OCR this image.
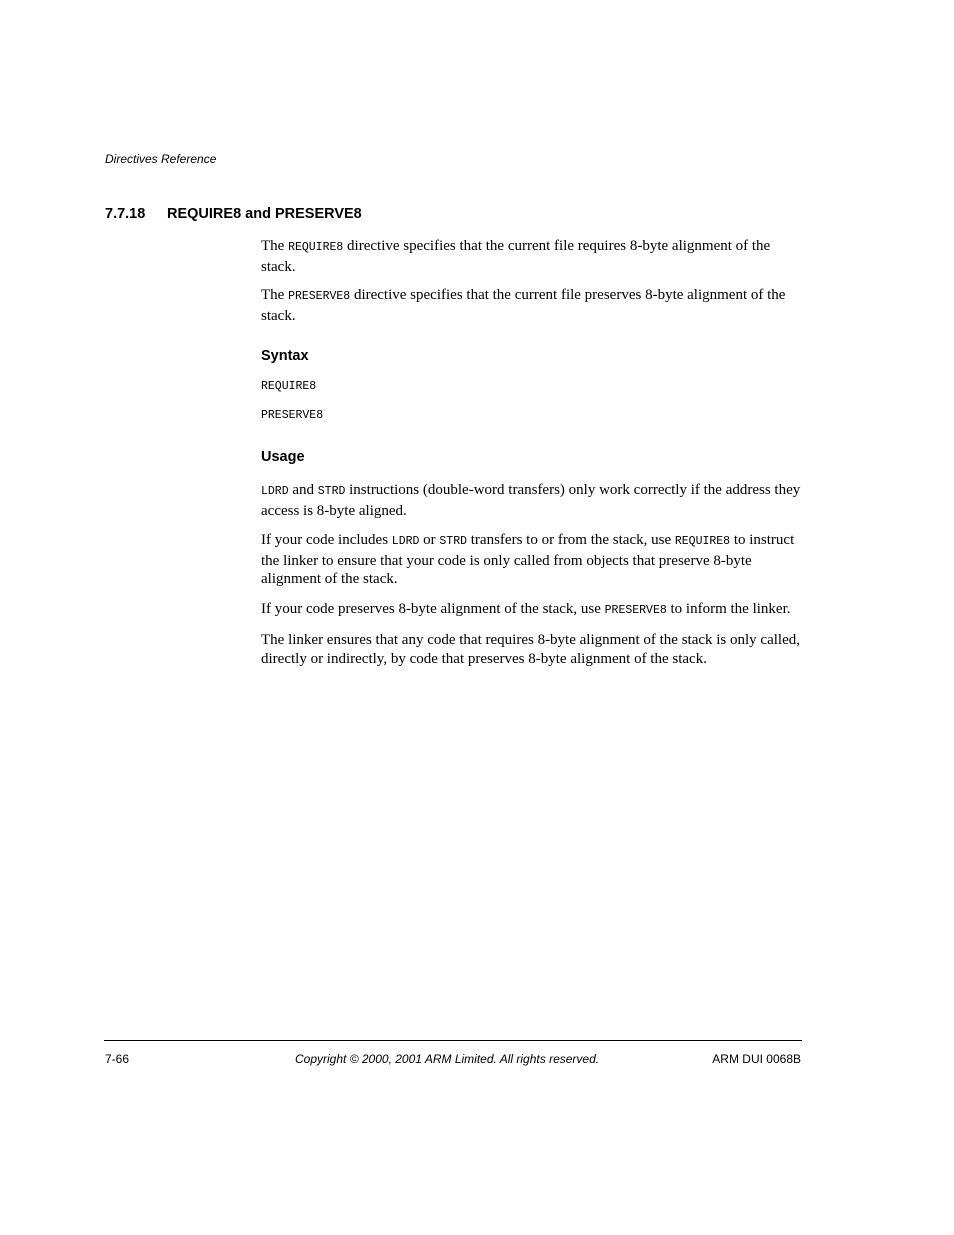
Directives Reference
7.7.18 REQUIRE8 and PRESERVE8

The REQUIRE8 directive specifies that the current file requires 8-byte alignment of the stack.

The PRESERVE8 directive specifies that the current file preserves 8-byte alignment of the stack.

Syntax
REQUIRE8
PRESERVE8
Usage

LDRD and STRD instructions (double-word transfers) only work correctly if the address they access is 8-byte aligned.

If your code includes LDRD or STRD transfers to or from the stack, use REQUIRE8 to instruct the linker to ensure that your code is only called from objects that preserve 8-byte alignment of the stack.

If your code preserves 8-byte alignment of the stack, use PRESERVE8 to inform the linker.

The linker ensures that any code that requires 8-byte alignment of the stack is only called, directly or indirectly, by code that preserves 8-byte alignment of the stack.

7-66	Copyright © 2000, 2001 ARM Limited. All rights reserved.	ARM DUI 0068B
